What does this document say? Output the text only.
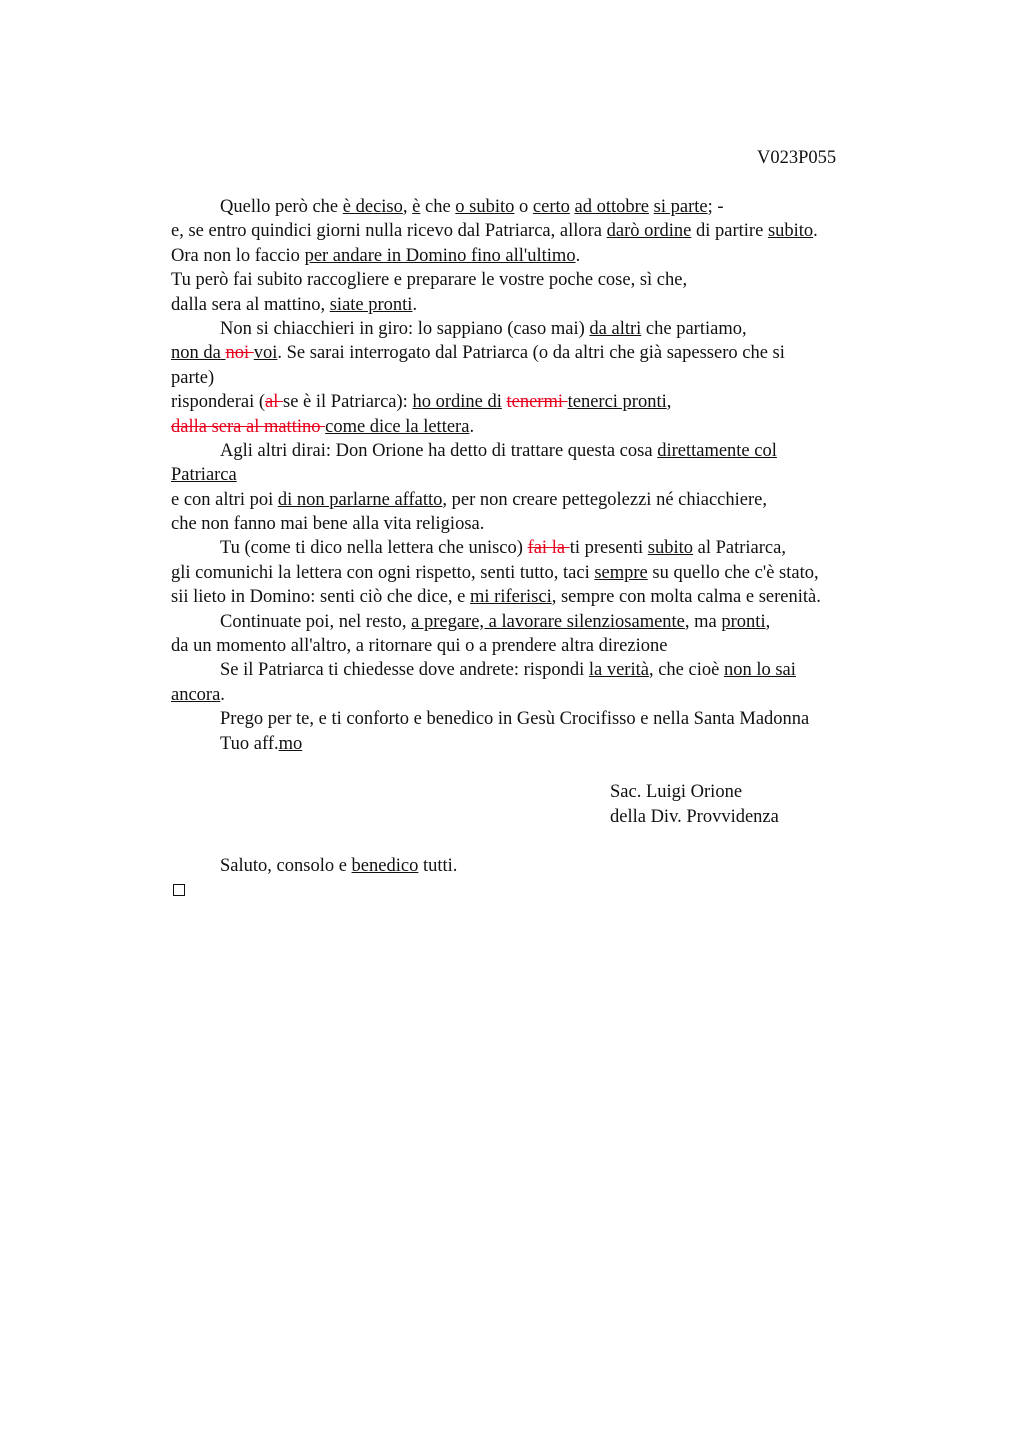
V023P055
Quello però che è deciso, è che o subito o certo ad ottobre si parte; -
e, se entro quindici giorni nulla ricevo dal Patriarca, allora darò ordine di partire subito.
Ora non lo faccio per andare in Domino fino all'ultimo.
Tu però fai subito raccogliere e preparare le vostre poche cose, sì che,
dalla sera al mattino, siate pronti.
Non si chiacchieri in giro: lo sappiano (caso mai) da altri che partiamo,
non da noi voi. Se sarai interrogato dal Patriarca (o da altri che già sapessero che si
parte)
risponderai (al se è il Patriarca): ho ordine di tenermi tenerci pronti,
dalla sera al mattino come dice la lettera.
Agli altri dirai: Don Orione ha detto di trattare questa cosa direttamente col
Patriarca
e con altri poi di non parlarne affatto, per non creare pettegolezzi né chiacchiere,
che non fanno mai bene alla vita religiosa.
Tu (come ti dico nella lettera che unisco) fai la ti presenti subito al Patriarca,
gli comunichi la lettera con ogni rispetto, senti tutto, taci sempre su quello che c'è stato,
sii lieto in Domino: senti ciò che dice, e mi riferisci, sempre con molta calma e serenità.
Continuate poi, nel resto, a pregare, a lavorare silenziosamente, ma pronti,
da un momento all'altro, a ritornare qui o a prendere altra direzione
Se il Patriarca ti chiedesse dove andrete: rispondi la verità, che cioè non lo sai
ancora.
Prego per te, e ti conforto e benedico in Gesù Crocifisso e nella Santa Madonna
Tuo aff.mo
Sac. Luigi Orione
della Div. Provvidenza
Saluto, consolo e benedico tutti.
